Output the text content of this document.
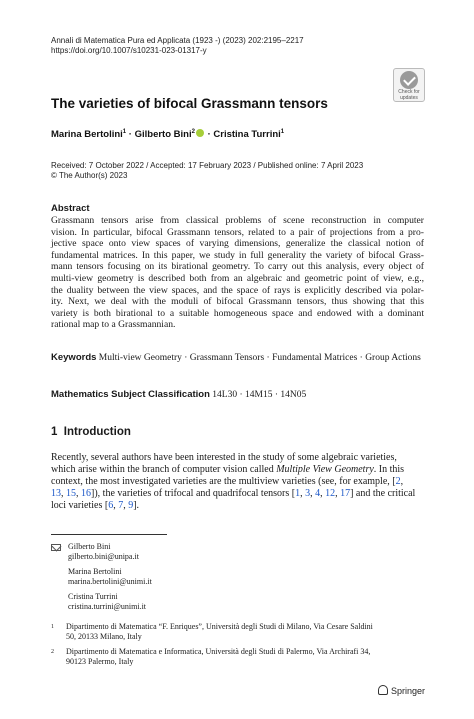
Annali di Matematica Pura ed Applicata (1923 -) (2023) 202:2195–2217
https://doi.org/10.1007/s10231-023-01317-y
Check for
updates
The varieties of bifocal Grassmann tensors
Marina Bertolini$^1$ · Gilberto Bini$^2$ · Cristina Turrini$^1$
Received: 7 October 2022 / Accepted: 17 February 2023 / Published online: 7 April 2023
© The Author(s) 2023
Abstract
Grassmann tensors arise from classical problems of scene reconstruction in computer
vision. In particular, bifocal Grassmann tensors, related to a pair of projections from a pro-
jective space onto view spaces of varying dimensions, generalize the classical notion of
fundamental matrices. In this paper, we study in full generality the variety of bifocal Grass-
mann tensors focusing on its birational geometry. To carry out this analysis, every object of
multi-view geometry is described both from an algebraic and geometric point of view, e.g.,
the duality between the view spaces, and the space of rays is explicitly described via polar-
ity. Next, we deal with the moduli of bifocal Grassmann tensors, thus showing that this
variety is both birational to a suitable homogeneous space and endowed with a dominant
rational map to a Grassmannian.
Keywords Multi-view Geometry · Grassmann Tensors · Fundamental Matrices · Group Actions
Mathematics Subject Classification 14L30 · 14M15 · 14N05
1 Introduction
Recently, several authors have been interested in the study of some algebraic varieties,
which arise within the branch of computer vision called Multiple View Geometry. In this
context, the most investigated varieties are the multiview varieties (see, for example, [2,
13, 15, 16]), the varieties of trifocal and quadrifocal tensors [1, 3, 4, 12, 17] and the critical
loci varieties [6, 7, 9].
Gilberto Bini
gilberto.bini@unipa.it
Marina Bertolini
marina.bertolini@unimi.it
Cristina Turrini
cristina.turrini@unimi.it
1 Dipartimento di Matematica “F. Enriques”, Università degli Studi di Milano, Via Cesare Saldini
50, 20133 Milano, Italy
2 Dipartimento di Matematica e Informatica, Università degli Studi di Palermo, Via Archirafi 34,
90123 Palermo, Italy
Springer
